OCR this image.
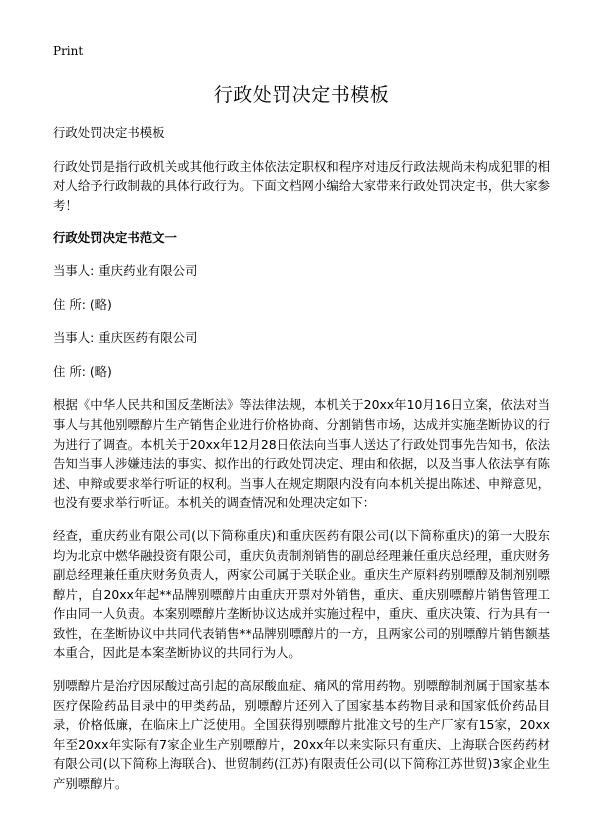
Print
行政处罚决定书模板

行政处罚决定书模板

行政处罚是指行政机关或其他行政主体依法定职权和程序对违反行政法规尚未构成犯罪的相对人给予行政制裁的具体行政行为。下面文档网小编给大家带来行政处罚决定书，供大家参考！

行政处罚决定书范文一

当事人: 重庆药业有限公司

住 所: (略)

当事人: 重庆医药有限公司

住 所: (略)

根据《中华人民共和国反垄断法》等法律法规，本机关于20xx年10月16日立案，依法对当事人与其他别嘌醇片生产销售企业进行价格协商、分割销售市场，达成并实施垄断协议的行为进行了调查。本机关于20xx年12月28日依法向当事人送达了行政处罚事先告知书，依法告知当事人涉嫌违法的事实、拟作出的行政处罚决定、理由和依据，以及当事人依法享有陈述、申辩或要求举行听证的权利。当事人在规定期限内没有向本机关提出陈述、申辩意见，也没有要求举行听证。本机关的调查情况和处理决定如下：

经查，重庆药业有限公司(以下简称重庆)和重庆医药有限公司(以下简称重庆)的第一大股东均为北京中燃华融投资有限公司，重庆负责制剂销售的副总经理兼任重庆总经理，重庆财务副总经理兼任重庆财务负责人，两家公司属于关联企业。重庆生产原料药别嘌醇及制剂别嘌醇片，自20xx年起**品牌别嘌醇片由重庆开票对外销售，重庆、重庆别嘌醇片销售管理工作由同一人负责。本案别嘌醇片垄断协议达成并实施过程中，重庆、重庆决策、行为具有一致性，在垄断协议中共同代表销售**品牌别嘌醇片的一方，且两家公司的别嘌醇片销售额基本重合，因此是本案垄断协议的共同行为人。

别嘌醇片是治疗因尿酸过高引起的高尿酸血症、痛风的常用药物。别嘌醇制剂属于国家基本医疗保险药品目录中的甲类药品，别嘌醇片还列入了国家基本药物目录和国家低价药品目录，价格低廉，在临床上广泛使用。全国获得别嘌醇片批准文号的生产厂家有15家，20xx年至20xx年实际有7家企业生产别嘌醇片，20xx年以来实际只有重庆、上海联合医药药材有限公司(以下简称上海联合)、世贸制药(江苏)有限责任公司(以下简称江苏世贸)3家企业生产别嘌醇片。
